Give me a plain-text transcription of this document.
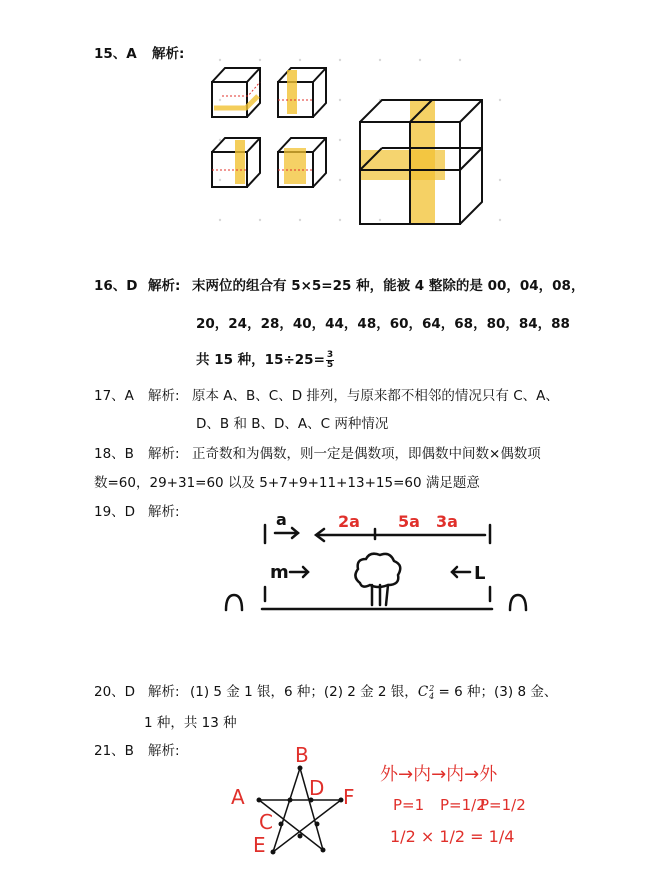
15、A 解析:
16、D 解析: 末两位的组合有 5×5=25 种，能被 4 整除的是 00，04，08，
20，24，28，40，44，48，60，64，68，80，84，88
共 15 种，$15\div 25= \frac{3}{5}$
17、A 解析: 原本 A、B、C、D 排列，与原来都不相邻的情况只有 C、A、
D、B 和 B、D、A、C 两种情况
18、B 解析: 正奇数和为偶数，则一定是偶数项，即偶数中间数×偶数项
数=60，29+31=60 以及 5+7+9+11+13+15=60 满足题意
19、D 解析:	a	2a 5a 3a
m	L
20、D 解析: (1) 5 金 1 银，6 种；(2) 2 金 2 银，C 2
4 = 6 种；(3) 8 金、
1 种，共 13 种
21、B 解析:	B
A	D F
C
E
外→内→内→外
P=1 P=1/2
P=1/2
1/2 × 1/2 = 1/4
